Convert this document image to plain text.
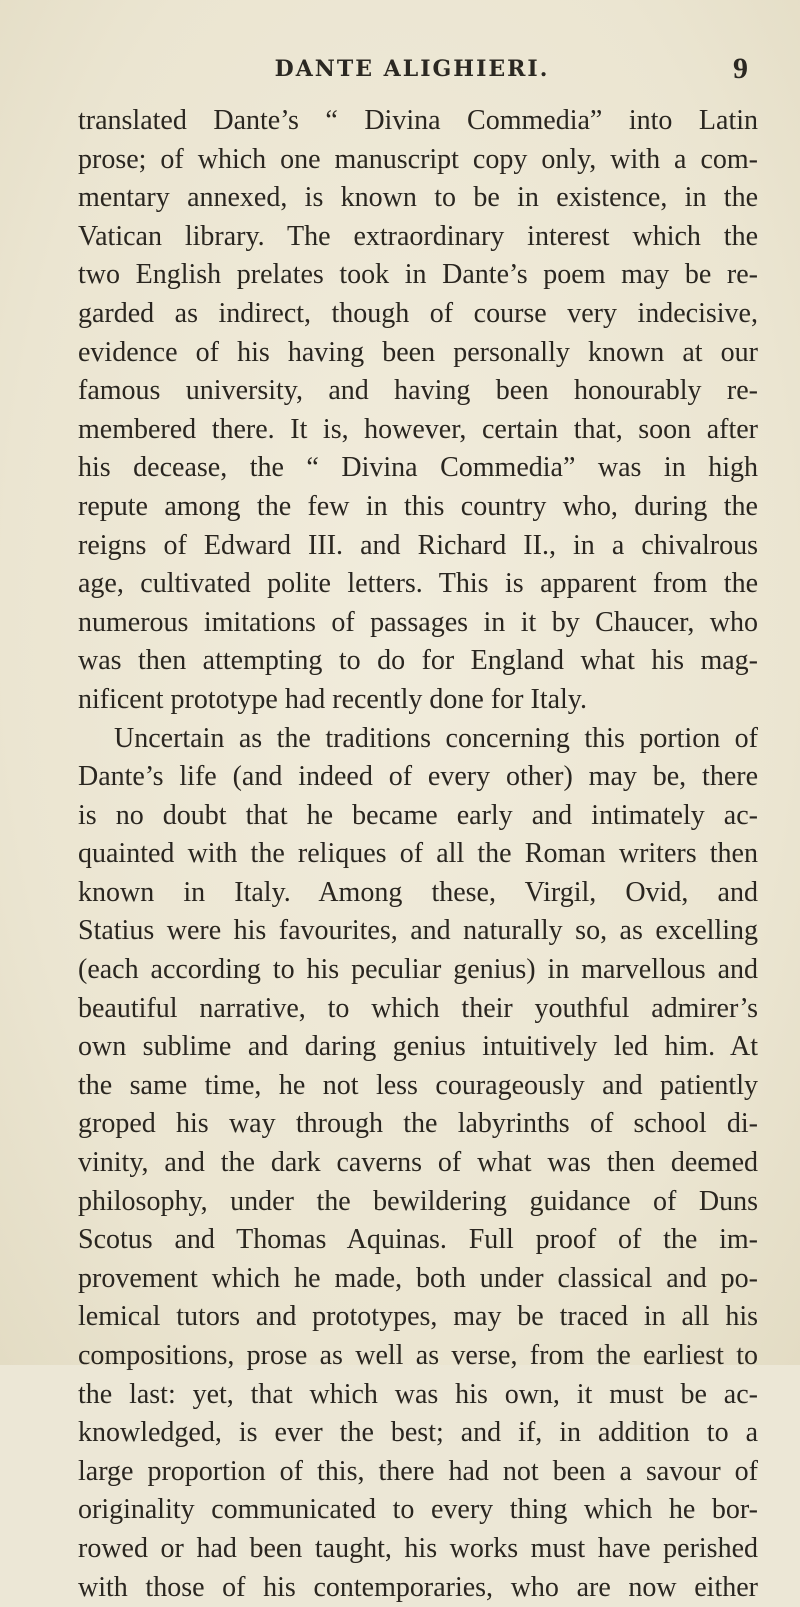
DANTE ALIGHIERI.	9
translated Dante’s “ Divina Commedia” into Latin
prose; of which one manuscript copy only, with a com-
mentary annexed, is known to be in existence, in the
Vatican library. The extraordinary interest which the
two English prelates took in Dante’s poem may be re-
garded as indirect, though of course very indecisive,
evidence of his having been personally known at our
famous university, and having been honourably re-
membered there. It is, however, certain that, soon after
his decease, the “ Divina Commedia” was in high
repute among the few in this country who, during the
reigns of Edward III. and Richard II., in a chivalrous
age, cultivated polite letters. This is apparent from the
numerous imitations of passages in it by Chaucer, who
was then attempting to do for England what his mag-
nificent prototype had recently done for Italy.
Uncertain as the traditions concerning this portion of
Dante’s life (and indeed of every other) may be, there
is no doubt that he became early and intimately ac-
quainted with the reliques of all the Roman writers then
known in Italy. Among these, Virgil, Ovid, and
Statius were his favourites, and naturally so, as excelling
(each according to his peculiar genius) in marvellous and
beautiful narrative, to which their youthful admirer’s
own sublime and daring genius intuitively led him. At
the same time, he not less courageously and patiently
groped his way through the labyrinths of school di-
vinity, and the dark caverns of what was then deemed
philosophy, under the bewildering guidance of Duns
Scotus and Thomas Aquinas. Full proof of the im-
provement which he made, both under classical and po-
lemical tutors and prototypes, may be traced in all his
compositions, prose as well as verse, from the earliest to
the last: yet, that which was his own, it must be ac-
knowledged, is ever the best; and if, in addition to a
large proportion of this, there had not been a savour of
originality communicated to every thing which he bor-
rowed or had been taught, his works must have perished
with those of his contemporaries, who are now either
